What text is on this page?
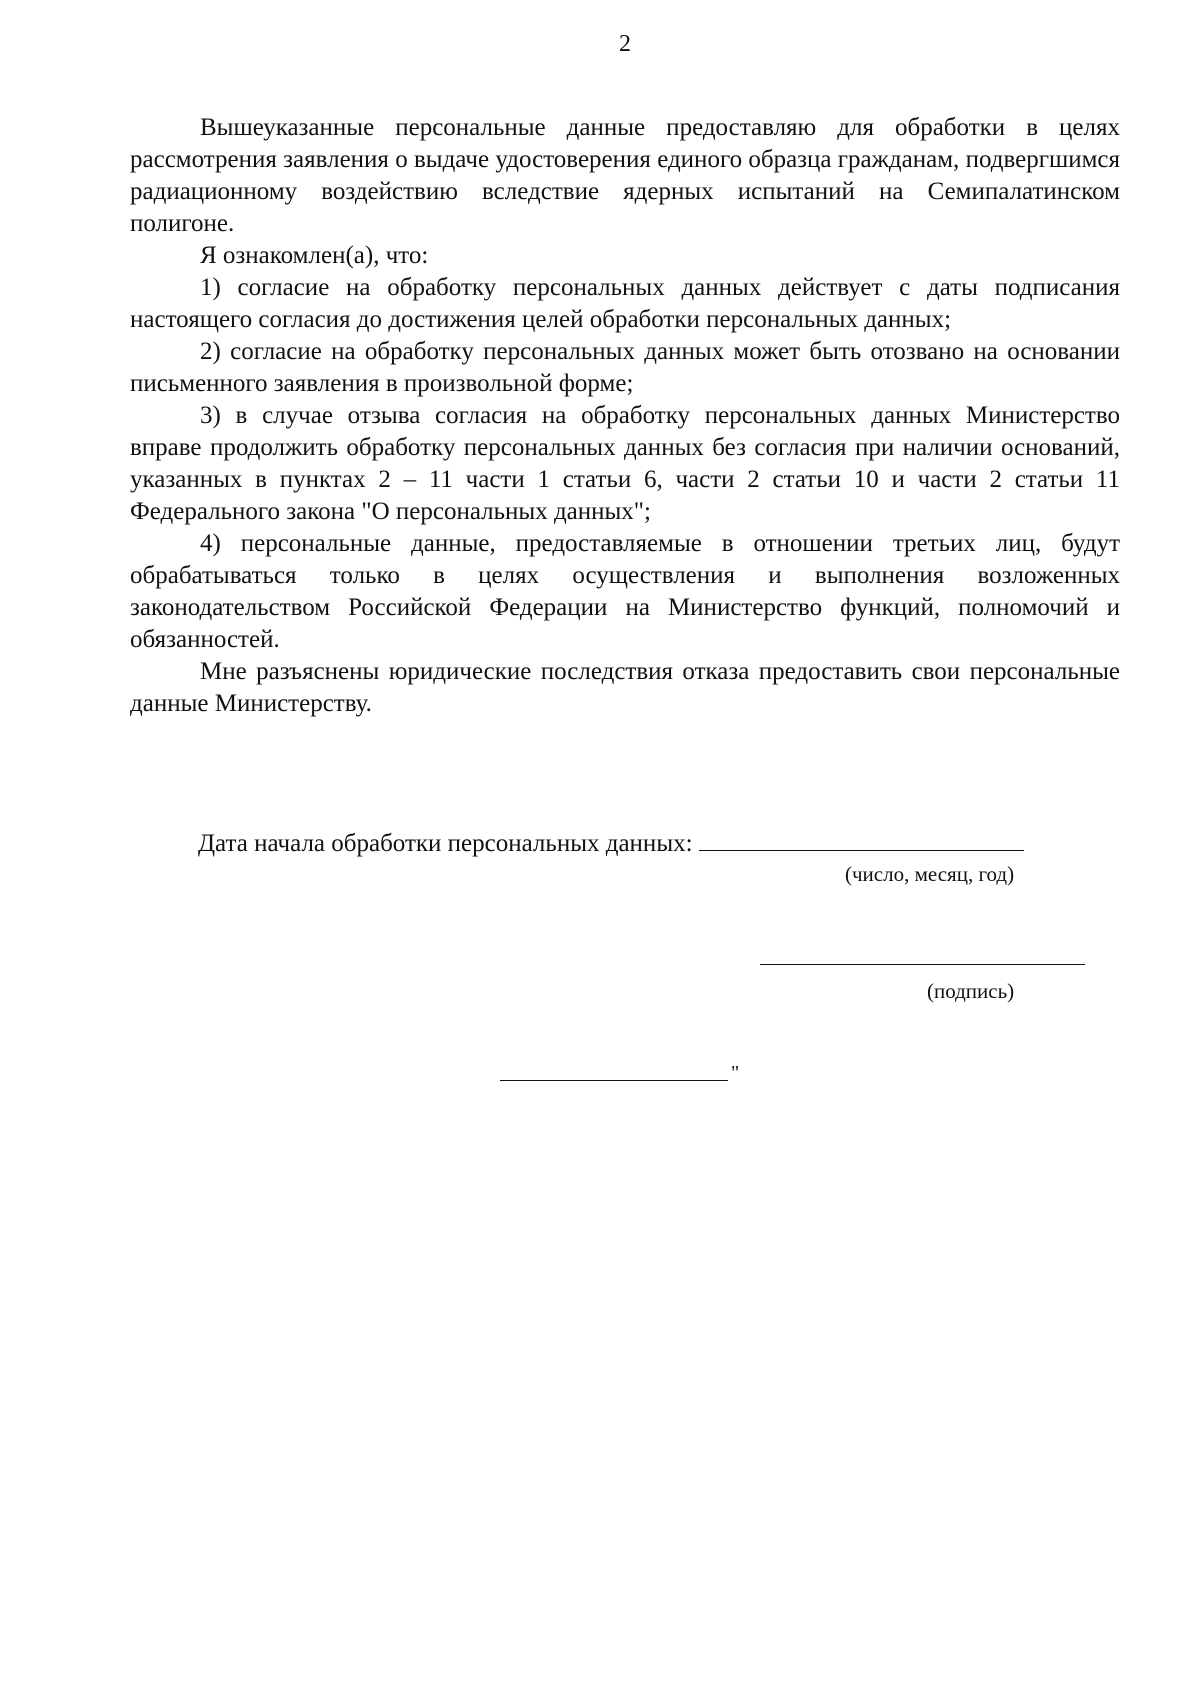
2

Вышеуказанные персональные данные предоставляю для обработки в целях рассмотрения заявления о выдаче удостоверения единого образца гражданам, подвергшимся радиационному воздействию вследствие ядерных испытаний на Семипалатинском полигоне.

Я ознакомлен(а), что:

1) согласие на обработку персональных данных действует с даты подписания настоящего согласия до достижения целей обработки персональных данных;

2) согласие на обработку персональных данных может быть отозвано на основании письменного заявления в произвольной форме;

3) в случае отзыва согласия на обработку персональных данных Министерство вправе продолжить обработку персональных данных без согласия при наличии оснований, указанных в пунктах 2 – 11 части 1 статьи 6, части 2 статьи 10 и части 2 статьи 11 Федерального закона "О персональных данных";

4) персональные данные, предоставляемые в отношении третьих лиц, будут обрабатываться только в целях осуществления и выполнения возложенных законодательством Российской Федерации на Министерство функций, полномочий и обязанностей.

Мне разъяснены юридические последствия отказа предоставить свои персональные данные Министерству.

Дата начала обработки персональных данных:
(число, месяц, год)
(подпись)
"
